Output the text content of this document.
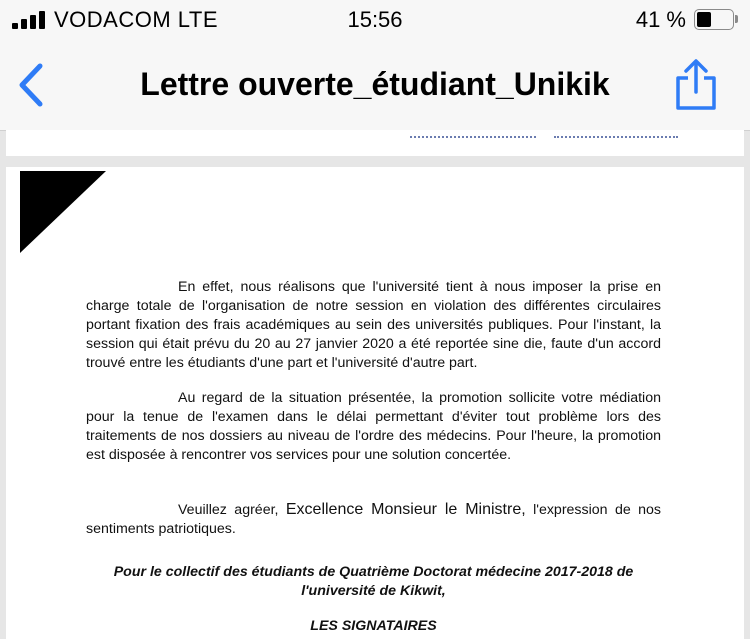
VODACOM LTE	15:56	41 %
Lettre ouverte_étudiant_Unikik

En effet, nous réalisons que l'université tient à nous imposer la prise en charge totale de l'organisation de notre session en violation des différentes circulaires portant fixation des frais académiques au sein des universités publiques. Pour l'instant, la session qui était prévu du 20 au 27 janvier 2020 a été reportée sine die, faute d'un accord trouvé entre les étudiants d'une part et l'université d'autre part.

Au regard de la situation présentée, la promotion sollicite votre médiation pour la tenue de l'examen dans le délai permettant d'éviter tout problème lors des traitements de nos dossiers au niveau de l'ordre des médecins. Pour l'heure, la promotion est disposée à rencontrer vos services pour une solution concertée.

Veuillez agréer, Excellence Monsieur le Ministre, l'expression de nos sentiments patriotiques.

Pour le collectif des étudiants de Quatrième Doctorat médecine 2017-2018 de

l'université de Kikwit,

LES SIGNATAIRES
